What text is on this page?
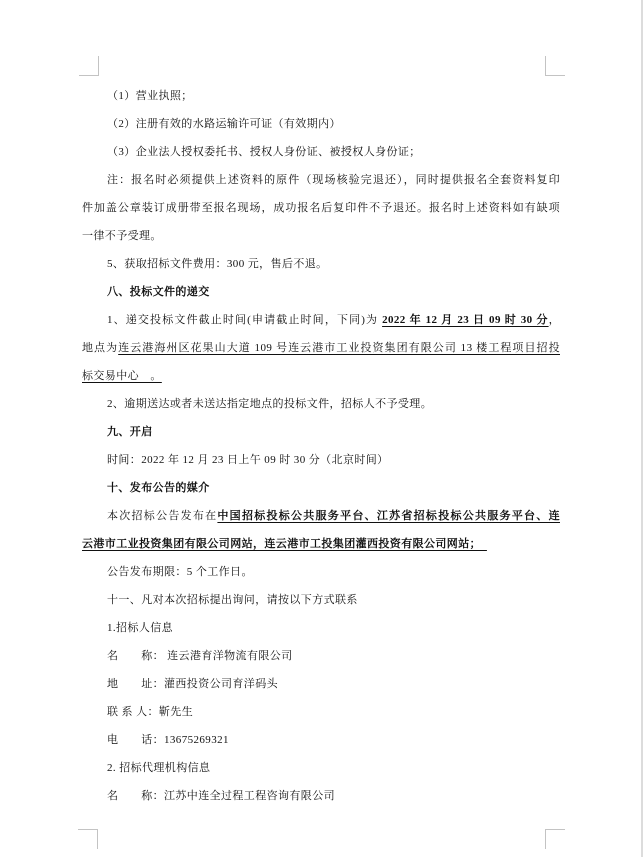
（1）营业执照；
（2）注册有效的水路运输许可证（有效期内）
（3）企业法人授权委托书、授权人身份证、被授权人身份证；
注：报名时必须提供上述资料的原件（现场核验完退还），同时提供报名全套资料复印
件加盖公章装订成册带至报名现场，成功报名后复印件不予退还。报名时上述资料如有缺项
一律不予受理。
5、获取招标文件费用：300 元，售后不退。
八、投标文件的递交
1、递交投标文件截止时间(申请截止时间，下同)为 2022 年 12 月 23 日 09 时 30 分，
地点为连云港海州区花果山大道 109 号连云港市工业投资集团有限公司 13 楼工程项目招投
标交易中心　。
2、逾期送达或者未送达指定地点的投标文件，招标人不予受理。
九、开启
时间：2022 年 12 月 23 日上午 09 时 30 分（北京时间）
十、发布公告的媒介
本次招标公告发布在中国招标投标公共服务平台、江苏省招标投标公共服务平台、连
云港市工业投资集团有限公司网站，连云港市工投集团灌西投资有限公司网站；　
公告发布期限：5 个工作日。
十一、凡对本次招标提出询问，请按以下方式联系
1.招标人信息
名　　称： 连云港育洋物流有限公司
地　　址：灌西投资公司育洋码头
联 系 人：靳先生
电　　话：13675269321
2. 招标代理机构信息
名　　称：江苏中连全过程工程咨询有限公司
